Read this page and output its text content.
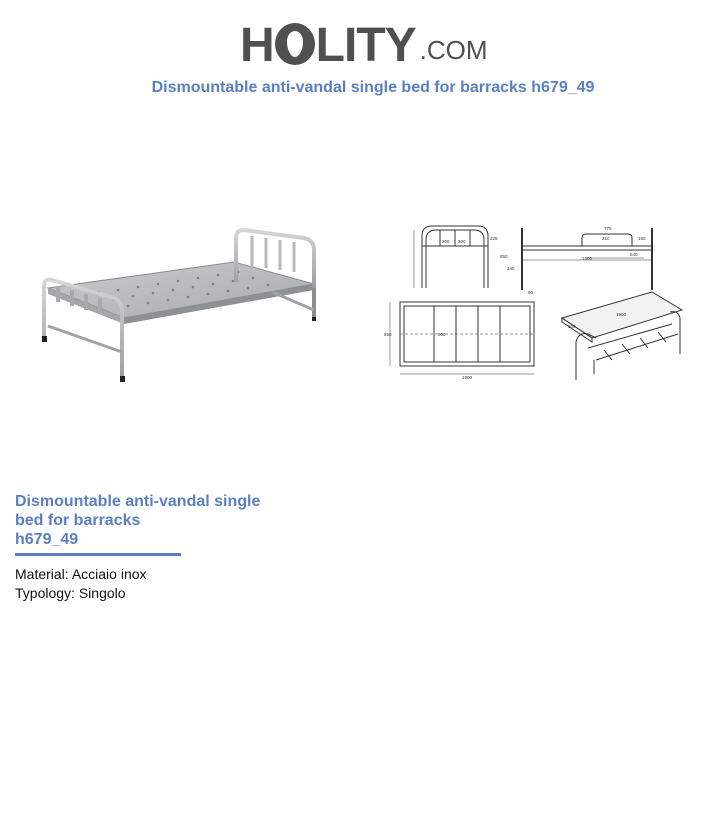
H LITY .COM
Dismountable anti-vandal single bed for barracks h679_49
300 300
775
210	190
225
850
340
1900
540
60
850	900
1900
1900
600
Dismountable anti-vandal single
bed for barracks
h679_49
Material: Acciaio inox
Typology: Singolo
